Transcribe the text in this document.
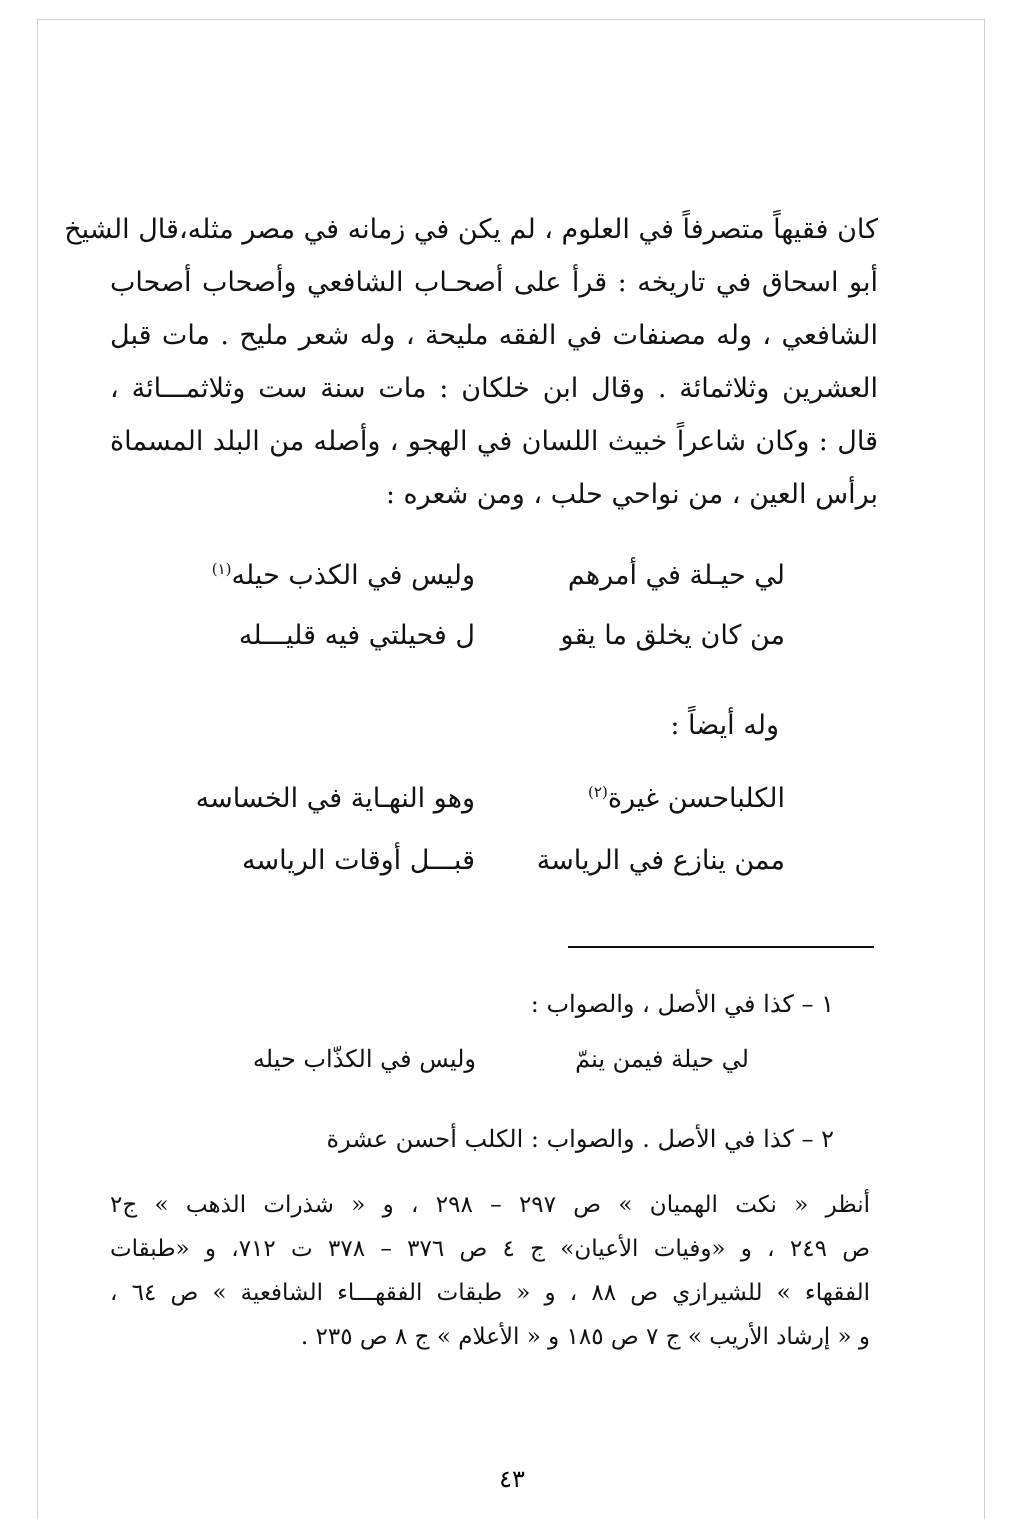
كان فقيهاً متصرفاً في العلوم ، لم يكن في زمانه في مصر مثله،قال الشيخ
أبو اسحاق في تاريخه : قرأ على أصحـاب الشافعي وأصحاب أصحاب
الشافعي ، وله مصنفات في الفقه مليحة ، وله شعر مليح . مات قبل
العشرين وثلاثمائة . وقال ابن خلكان : مات سنة ست وثلاثمـــائة ،
قال : وكان شاعراً خبيث اللسان في الهجو ، وأصله من البلد المسماة
برأس العين ، من نواحي حلب ، ومن شعره :
لي حيـلة في أمرهم
وليس في الكذب حيله$^{(١)}$
من كان يخلق ما يقو
ل فحيلتي فيه قليـــله
وله أيضاً :
الكلباحسن غيرة$^{(٢)}$
وهو النهـاية في الخساسه
ممن ينازع في الرياسة
قبـــل أوقات الرياسه
١ – كذا في الأصل ، والصواب :
لي حيلة فيمن ينمّ
وليس في الكذّاب حيله
٢ – كذا في الأصل . والصواب : الكلب أحسن عشرة
أنظر « نكت الهميان » ص ٢٩٧ – ٢٩٨ ، و « شذرات الذهب » ج٢
ص ٢٤٩ ، و «وفيات الأعيان» ج ٤ ص ٣٧٦ – ٣٧٨ ت ٧١٢، و «طبقات
الفقهاء » للشيرازي ص ٨٨ ، و « طبقات الفقهـــاء الشافعية » ص ٦٤ ،
و « إرشاد الأريب » ج ٧ ص ١٨٥ و « الأعلام » ج ٨ ص ٢٣٥ .
٤٣
